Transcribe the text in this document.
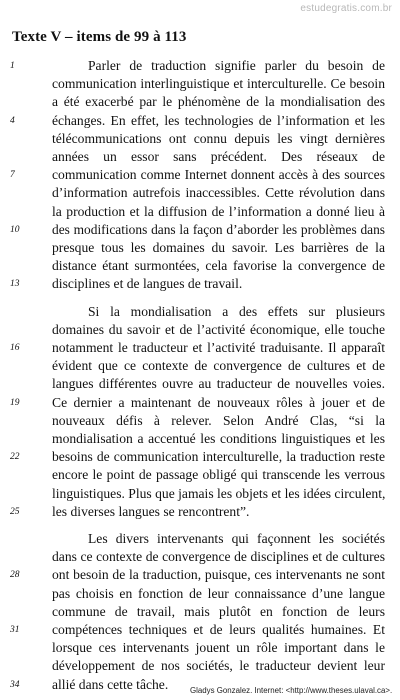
estudegratis.com.br
Texte V – items de 99 à 113
Parler de traduction signifie parler du besoin de
communication interlinguistique et interculturelle. Ce besoin
a été exacerbé par le phénomène de la mondialisation des
échanges. En effet, les technologies de l’information et les
télécommunications ont connu depuis les vingt dernières
années un essor sans précédent. Des réseaux de
communication comme Internet donnent accès à des sources
d’information autrefois inaccessibles. Cette révolution dans
la production et la diffusion de l’information a donné lieu à
des modifications dans la façon d’aborder les problèmes dans
presque tous les domaines du savoir. Les barrières de la
distance étant surmontées, cela favorise la convergence de
disciplines et de langues de travail.
Si la mondialisation a des effets sur plusieurs
domaines du savoir et de l’activité économique, elle touche
notamment le traducteur et l’activité traduisante. Il apparaît
évident que ce contexte de convergence de cultures et de
langues différentes ouvre au traducteur de nouvelles voies.
Ce dernier a maintenant de nouveaux rôles à jouer et de
nouveaux défis à relever. Selon André Clas, “si la
mondialisation a accentué les conditions linguistiques et les
besoins de communication interculturelle, la traduction reste
encore le point de passage obligé qui transcende les verrous
linguistiques. Plus que jamais les objets et les idées circulent,
les diverses langues se rencontrent”.
Les divers intervenants qui façonnent les sociétés
dans ce contexte de convergence de disciplines et de cultures
ont besoin de la traduction, puisque, ces intervenants ne sont
pas choisis en fonction de leur connaissance d’une langue
commune de travail, mais plutôt en fonction de leurs
compétences techniques et de leurs qualités humaines. Et
lorsque ces intervenants jouent un rôle important dans le
développement de nos sociétés, le traducteur devient leur
allié dans cette tâche.
1
4
7
10
13
16
19
22
25
28
31
34
Gladys Gonzalez. Internet: <http://www.theses.ulaval.ca>.
